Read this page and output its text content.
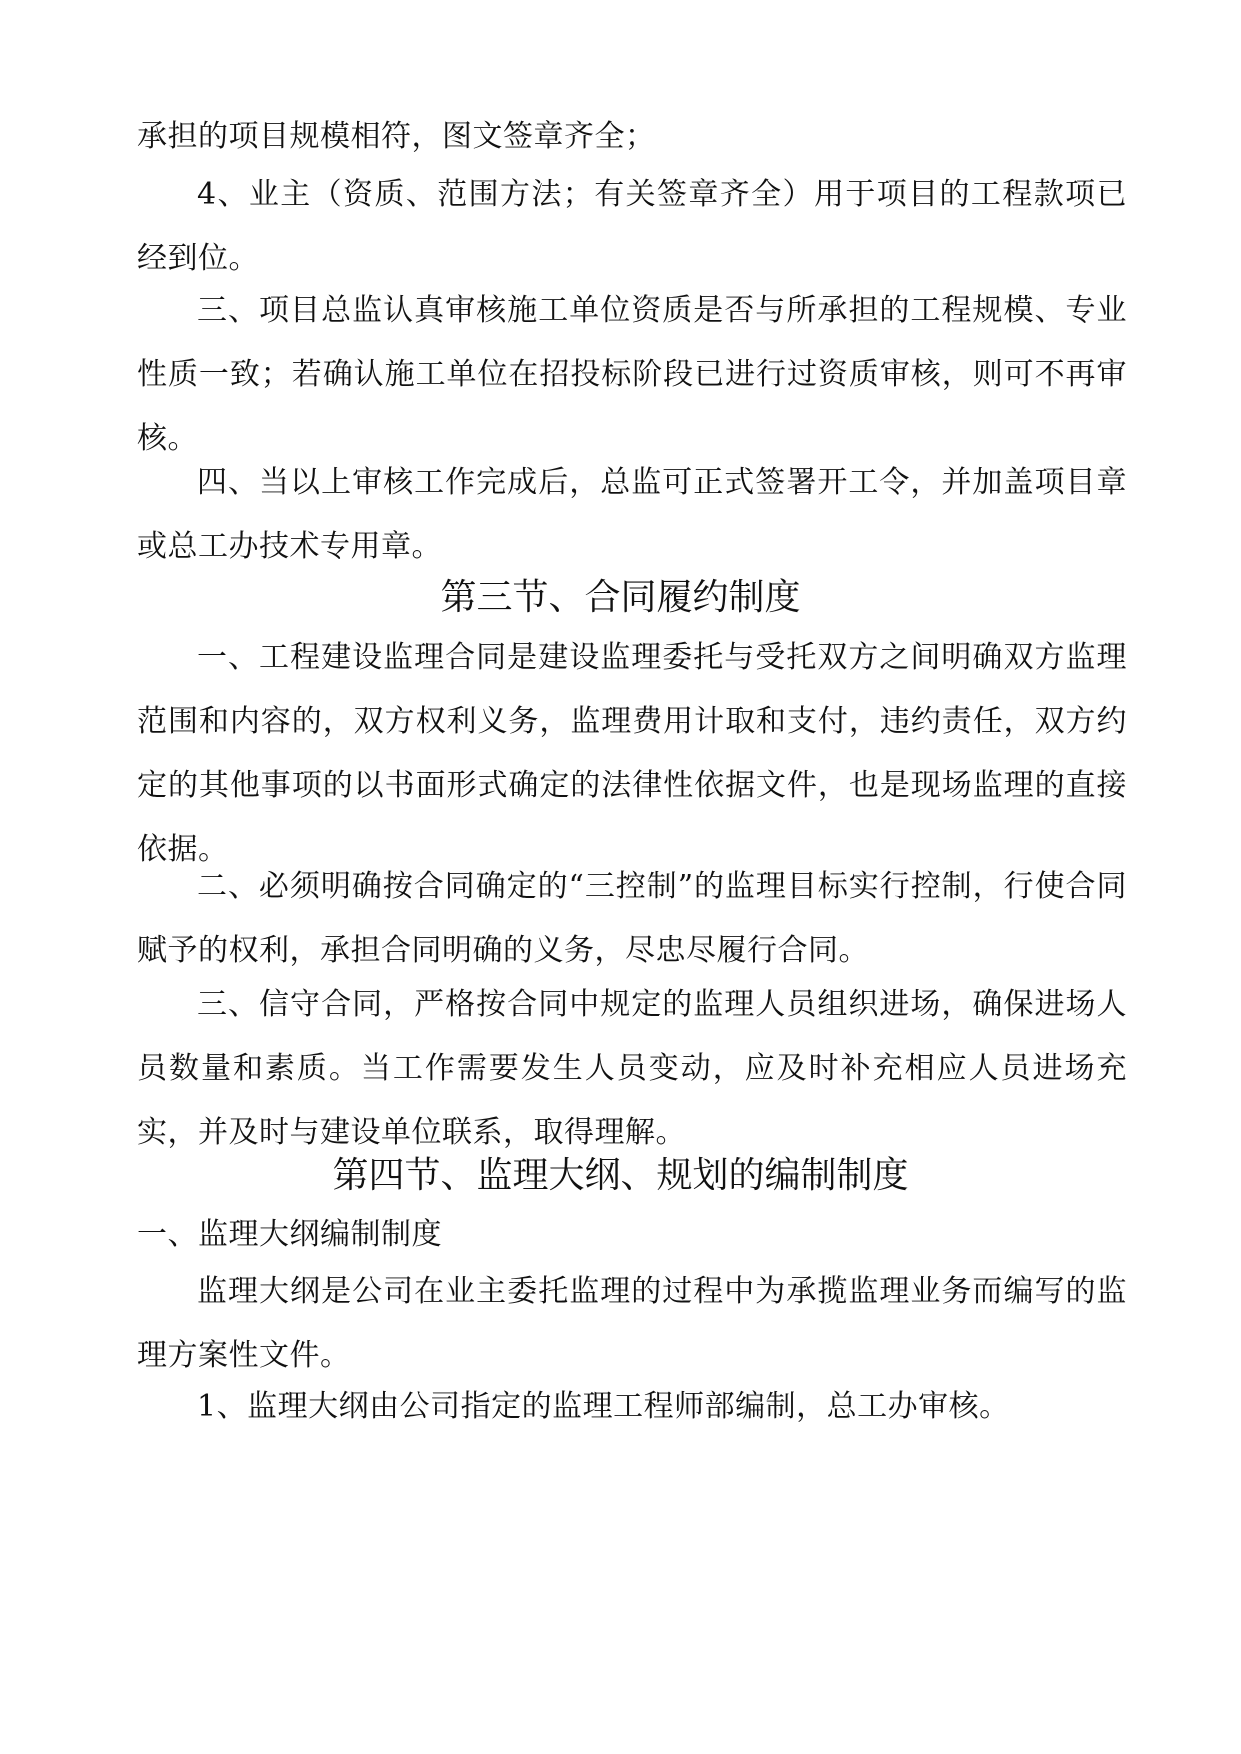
承担的项目规模相符，图文签章齐全；

4、业主（资质、范围方法；有关签章齐全）用于项目的工程款项已经到位。

三、项目总监认真审核施工单位资质是否与所承担的工程规模、专业性质一致；若确认施工单位在招投标阶段已进行过资质审核，则可不再审核。

四、当以上审核工作完成后，总监可正式签署开工令，并加盖项目章或总工办技术专用章。

第三节、合同履约制度

一、工程建设监理合同是建设监理委托与受托双方之间明确双方监理范围和内容的，双方权利义务，监理费用计取和支付，违约责任，双方约定的其他事项的以书面形式确定的法律性依据文件，也是现场监理的直接依据。

二、必须明确按合同确定的“三控制”的监理目标实行控制，行使合同赋予的权利，承担合同明确的义务，尽忠尽履行合同。

三、信守合同，严格按合同中规定的监理人员组织进场，确保进场人员数量和素质。当工作需要发生人员变动，应及时补充相应人员进场充实，并及时与建设单位联系，取得理解。

第四节、监理大纲、规划的编制制度

一、监理大纲编制制度

监理大纲是公司在业主委托监理的过程中为承揽监理业务而编写的监理方案性文件。

1、监理大纲由公司指定的监理工程师部编制，总工办审核。
